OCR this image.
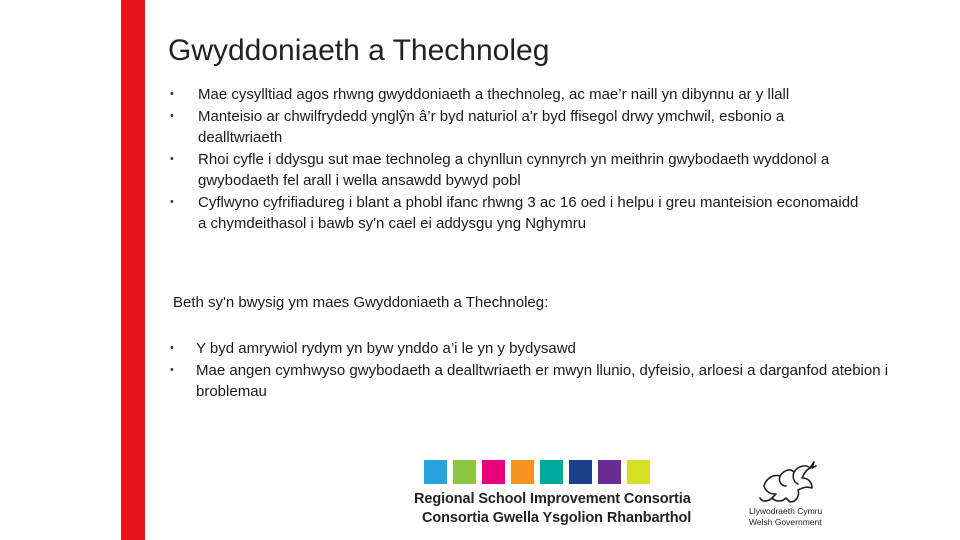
Gwyddoniaeth a Thechnoleg
• Mae cysylltiad agos rhwng gwyddoniaeth a thechnoleg, ac mae’r naill yn dibynnu ar y llall
• Manteisio ar chwilfrydedd ynglŷn â’r byd naturiol a'r byd ffisegol drwy ymchwil, esbonio a dealltwriaeth
• Rhoi cyfle i ddysgu sut mae technoleg a chynllun cynnyrch yn meithrin gwybodaeth wyddonol a gwybodaeth fel arall i wella ansawdd bywyd pobl
• Cyflwyno cyfrifiadureg i blant a phobl ifanc rhwng 3 ac 16 oed i helpu i greu manteision economaidd a chymdeithasol i bawb sy'n cael ei addysgu yng Nghymru
Beth sy'n bwysig ym maes Gwyddoniaeth a Thechnoleg:
• Y byd amrywiol rydym yn byw ynddo a’i le yn y bydysawd
• Mae angen cymhwyso gwybodaeth a dealltwriaeth er mwyn llunio, dyfeisio, arloesi a darganfod atebion i broblemau
Regional School Improvement Consortia
Consortia Gwella Ysgolion Rhanbarthol	Llywodraeth Cymru
Welsh Government
